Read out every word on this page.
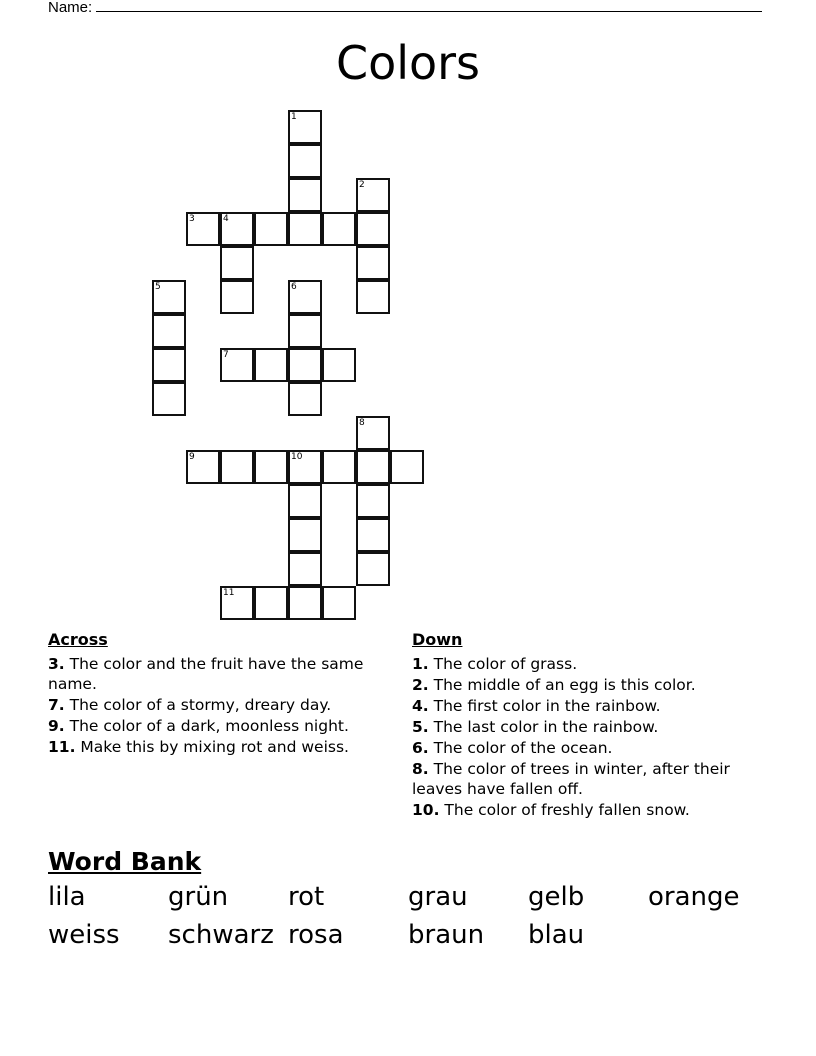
Name:
Colors
1
2
3	4
5	6
7
8
9	10
11
Across
3. The color and the fruit have the same name.
7. The color of a stormy, dreary day.
9. The color of a dark, moonless night.
11. Make this by mixing rot and weiss.
Down
1. The color of grass.
2. The middle of an egg is this color.
4. The first color in the rainbow.
5. The last color in the rainbow.
6. The color of the ocean.
8. The color of trees in winter, after their leaves have fallen off.
10. The color of freshly fallen snow.
Word Bank
lila	grün rot	grau gelb orange
weiss schwarz rosa braun blau
